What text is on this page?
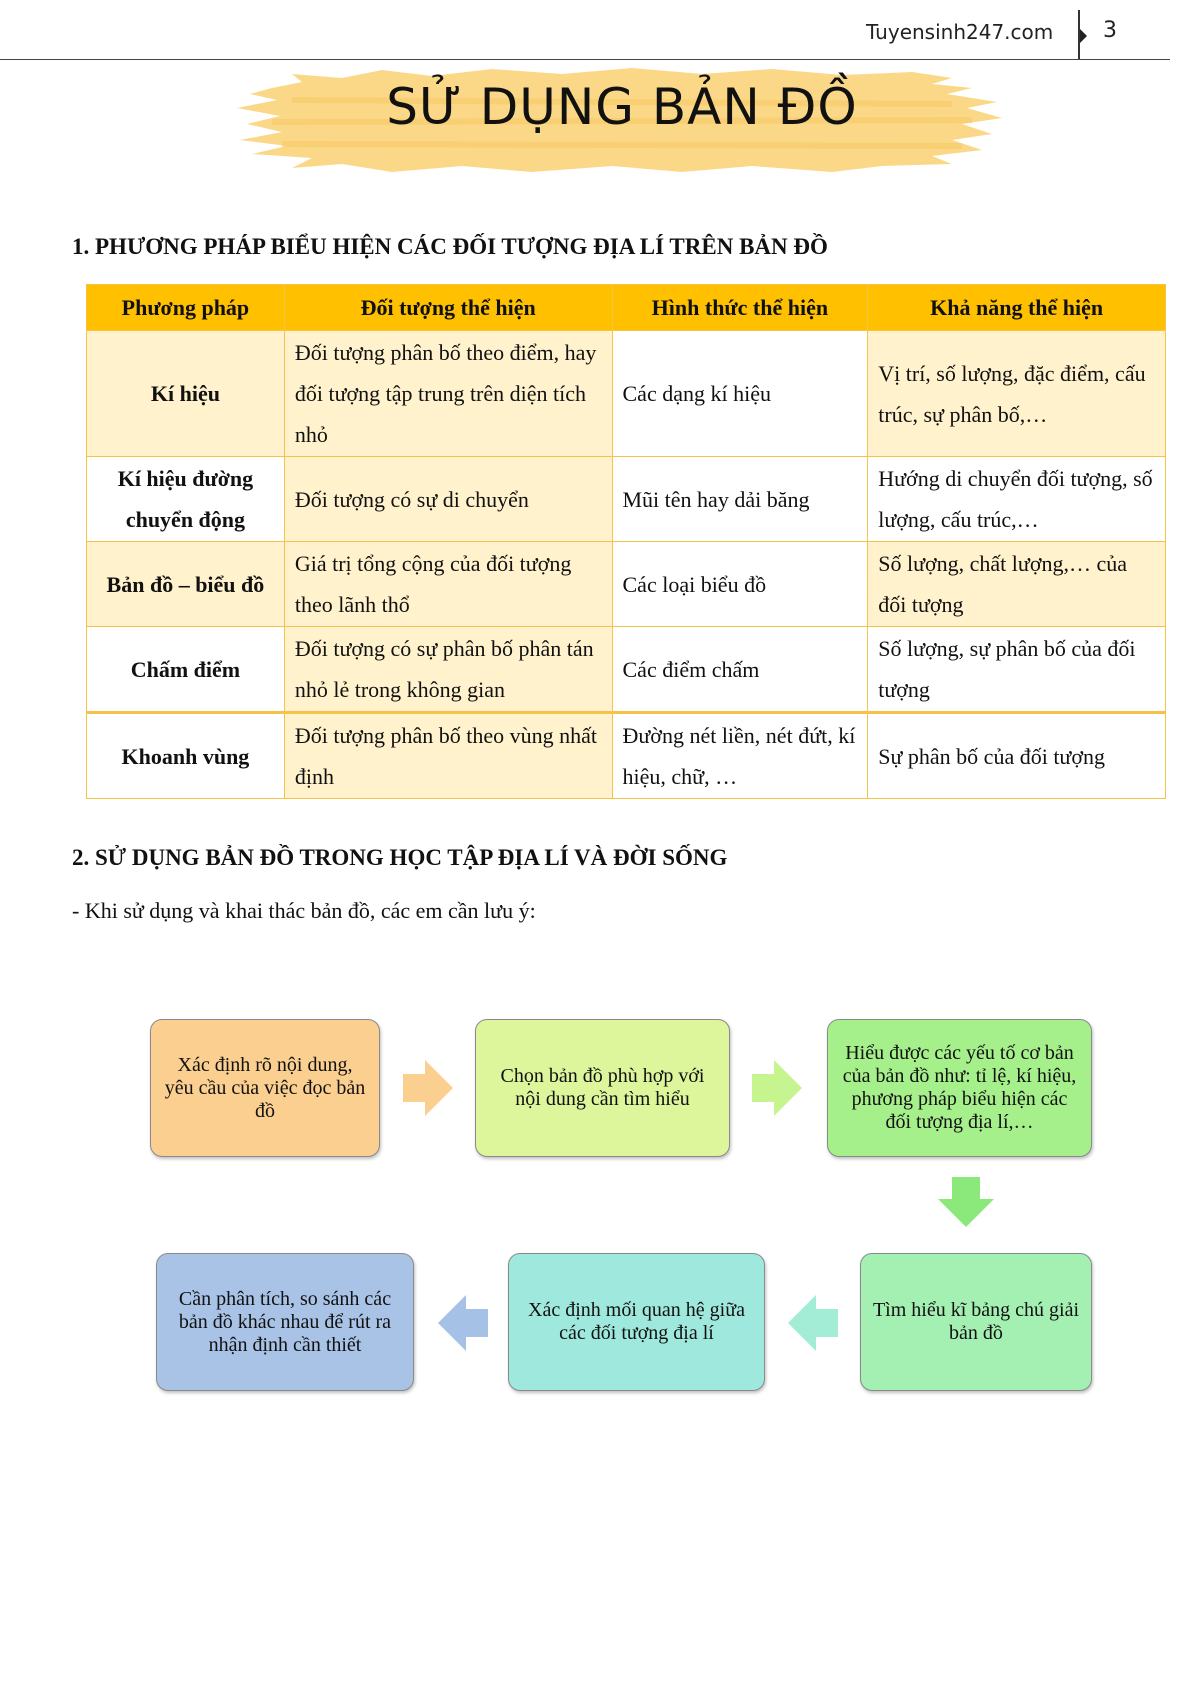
Tuyensinh247.com 3
SỬ DỤNG BẢN ĐỒ
1. PHƯƠNG PHÁP BIỂU HIỆN CÁC ĐỐI TƯỢNG ĐỊA LÍ TRÊN BẢN ĐỒ
Phương pháp	Đối tượng thể hiện	Hình thức thể hiện	Khả năng thể hiện
Kí hiệu	Đối tượng phân bố theo điểm, hay đối tượng tập trung trên diện tích nhỏ	Các dạng kí hiệu	Vị trí, số lượng, đặc điểm, cấu trúc, sự phân bố,…
Kí hiệu đường chuyển động	Đối tượng có sự di chuyển	Mũi tên hay dải băng	Hướng di chuyển đối tượng, số lượng, cấu trúc,…
Bản đồ – biểu đồ	Giá trị tổng cộng của đối tượng theo lãnh thổ	Các loại biểu đồ	Số lượng, chất lượng,… của đối tượng
Chấm điểm	Đối tượng có sự phân bố phân tán nhỏ lẻ trong không gian	Các điểm chấm	Số lượng, sự phân bố của đối tượng
Khoanh vùng	Đối tượng phân bố theo vùng nhất định	Đường nét liền, nét đứt, kí hiệu, chữ, …	Sự phân bố của đối tượng
2. SỬ DỤNG BẢN ĐỒ TRONG HỌC TẬP ĐỊA LÍ VÀ ĐỜI SỐNG
- Khi sử dụng và khai thác bản đồ, các em cần lưu ý:
Xác định rõ nội dung, yêu cầu của việc đọc bản đồ
Chọn bản đồ phù hợp với nội dung cần tìm hiểu
Hiểu được các yếu tố cơ bản của bản đồ như: tỉ lệ, kí hiệu, phương pháp biểu hiện các đối tượng địa lí,…
Tìm hiểu kĩ bảng chú giải bản đồ
Xác định mối quan hệ giữa các đối tượng địa lí
Cần phân tích, so sánh các bản đồ khác nhau để rút ra nhận định cần thiết
